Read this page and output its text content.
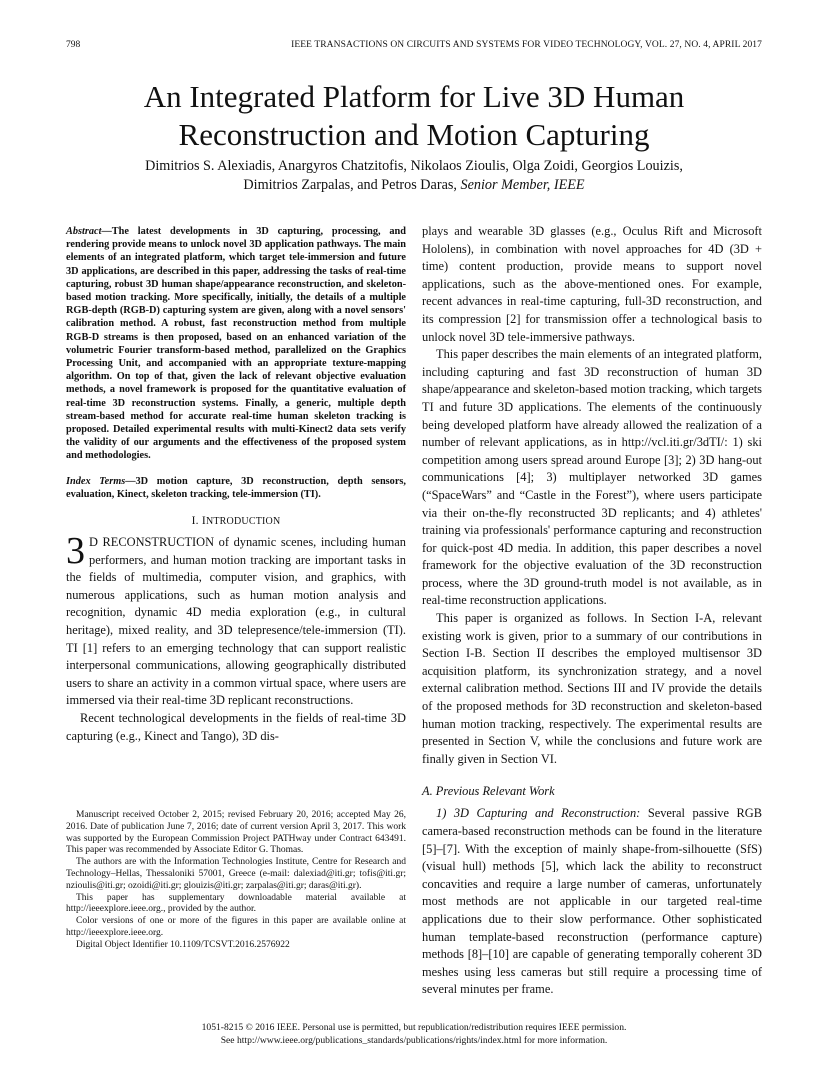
798	IEEE TRANSACTIONS ON CIRCUITS AND SYSTEMS FOR VIDEO TECHNOLOGY, VOL. 27, NO. 4, APRIL 2017
An Integrated Platform for Live 3D Human
Reconstruction and Motion Capturing
Dimitrios S. Alexiadis, Anargyros Chatzitofis, Nikolaos Zioulis, Olga Zoidi, Georgios Louizis,
Dimitrios Zarpalas, and Petros Daras, Senior Member, IEEE

Abstract—The latest developments in 3D capturing, processing, and rendering provide means to unlock novel 3D application pathways. The main elements of an integrated platform, which target tele-immersion and future 3D applications, are described in this paper, addressing the tasks of real-time capturing, robust 3D human shape/appearance reconstruction, and skeleton-based motion tracking. More specifically, initially, the details of a multiple RGB-depth (RGB-D) capturing system are given, along with a novel sensors' calibration method. A robust, fast reconstruction method from multiple RGB-D streams is then proposed, based on an enhanced variation of the volumetric Fourier transform-based method, parallelized on the Graphics Processing Unit, and accompanied with an appropriate texture-mapping algorithm. On top of that, given the lack of relevant objective evaluation methods, a novel framework is proposed for the quantitative evaluation of real-time 3D reconstruction systems. Finally, a generic, multiple depth stream-based method for accurate real-time human skeleton tracking is proposed. Detailed experimental results with multi-Kinect2 data sets verify the validity of our arguments and the effectiveness of the proposed system and methodologies.

Index Terms—3D motion capture, 3D reconstruction, depth sensors, evaluation, Kinect, skeleton tracking, tele-immersion (TI).

I. INTRODUCTION

3 D RECONSTRUCTION of dynamic scenes, including human performers, and human motion tracking are important tasks in the fields of multimedia, computer vision, and graphics, with numerous applications, such as human motion analysis and recognition, dynamic 4D media exploration (e.g., in cultural heritage), mixed reality, and 3D telepresence/tele-immersion (TI). TI [1] refers to an emerging technology that can support realistic interpersonal communications, allowing geographically distributed users to share an activity in a common virtual space, where users are immersed via their real-time 3D replicant reconstructions.

Recent technological developments in the fields of real-time 3D capturing (e.g., Kinect and Tango), 3D dis-

Manuscript received October 2, 2015; revised February 20, 2016; accepted May 26, 2016. Date of publication June 7, 2016; date of current version April 3, 2017. This work was supported by the European Commission Project PATHway under Contract 643491. This paper was recommended by Associate Editor G. Thomas.

The authors are with the Information Technologies Institute, Centre for Research and Technology–Hellas, Thessaloniki 57001, Greece (e-mail: dalexiad@iti.gr; tofis@iti.gr; nzioulis@iti.gr; ozoidi@iti.gr; glouizis@iti.gr; zarpalas@iti.gr; daras@iti.gr).

This paper has supplementary downloadable material available at http://ieeexplore.ieee.org., provided by the author.

Color versions of one or more of the figures in this paper are available online at http://ieeexplore.ieee.org.

Digital Object Identifier 10.1109/TCSVT.2016.2576922

plays and wearable 3D glasses (e.g., Oculus Rift and Microsoft Hololens), in combination with novel approaches for 4D (3D + time) content production, provide means to support novel applications, such as the above-mentioned ones. For example, recent advances in real-time capturing, full-3D reconstruction, and its compression [2] for transmission offer a technological basis to unlock novel 3D tele-immersive pathways.

This paper describes the main elements of an integrated platform, including capturing and fast 3D reconstruction of human 3D shape/appearance and skeleton-based motion tracking, which targets TI and future 3D applications. The elements of the continuously being developed platform have already allowed the realization of a number of relevant applications, as in http://vcl.iti.gr/3dTI/: 1) ski competition among users spread around Europe [3]; 2) 3D hang-out communications [4]; 3) multiplayer networked 3D games (“SpaceWars” and “Castle in the Forest”), where users participate via their on-the-fly reconstructed 3D replicants; and 4) athletes' training via professionals' performance capturing and reconstruction for quick-post 4D media. In addition, this paper describes a novel framework for the objective evaluation of the 3D reconstruction process, where the 3D ground-truth model is not available, as in real-time reconstruction applications.

This paper is organized as follows. In Section I-A, relevant existing work is given, prior to a summary of our contributions in Section I-B. Section II describes the employed multisensor 3D acquisition platform, its synchronization strategy, and a novel external calibration method. Sections III and IV provide the details of the proposed methods for 3D reconstruction and skeleton-based human motion tracking, respectively. The experimental results are presented in Section V, while the conclusions and future work are finally given in Section VI.

A. Previous Relevant Work

1) 3D Capturing and Reconstruction: Several passive RGB camera-based reconstruction methods can be found in the literature [5]–[7]. With the exception of mainly shape-from-silhouette (SfS) (visual hull) methods [5], which lack the ability to reconstruct concavities and require a large number of cameras, unfortunately most methods are not applicable in our targeted real-time applications due to their slow performance. Other sophisticated human template-based reconstruction (performance capture) methods [8]–[10] are capable of generating temporally coherent 3D meshes using less cameras but still require a processing time of several minutes per frame.

1051-8215 © 2016 IEEE. Personal use is permitted, but republication/redistribution requires IEEE permission.
See http://www.ieee.org/publications_standards/publications/rights/index.html for more information.
